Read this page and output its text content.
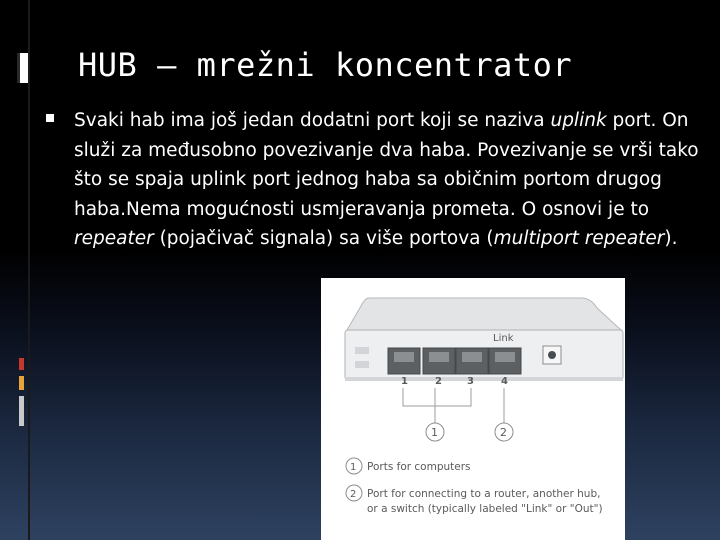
HUB – mrežni koncentrator

Svaki hab ima još jedan dodatni port koji se naziva uplink port. On služi za međusobno povezivanje dva haba. Povezivanje se vrši tako što se spaja uplink port jednog haba sa običnim portom drugog haba.Nema mogućnosti usmjeravanja prometa. O osnovi je to repeater (pojačivač signala) sa više portova (multiport repeater).

Link
1	2	3	4
1	2
1 Ports for computers
2 Port for connecting to a router, another hub,
or a switch (typically labeled "Link" or "Out")
